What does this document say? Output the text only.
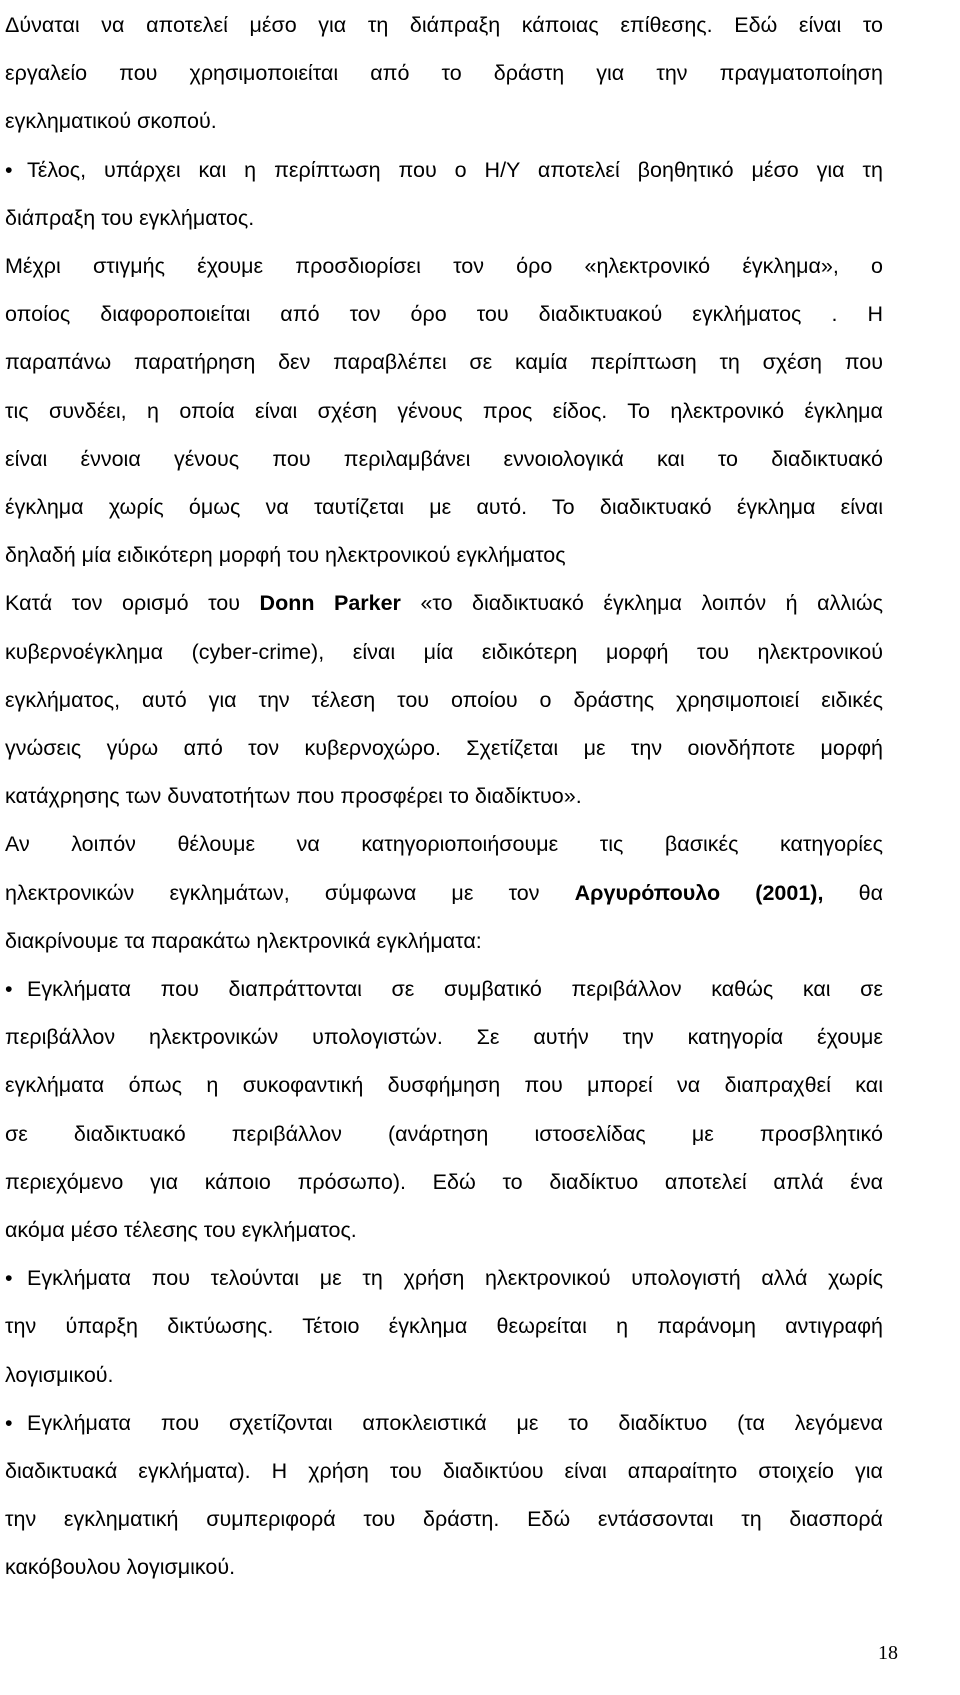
Δύναται να αποτελεί μέσο για τη διάπραξη κάποιας επίθεσης. Εδώ είναι το
εργαλείο που χρησιμοποιείται από το δράστη για την πραγματοποίηση
εγκληματικού σκοπού.
• Τέλος, υπάρχει και η περίπτωση που ο Η/Υ αποτελεί βοηθητικό μέσο για τη
διάπραξη του εγκλήματος.
Μέχρι στιγμής έχουμε προσδιορίσει τον όρο «ηλεκτρονικό έγκλημα», ο
οποίος διαφοροποιείται από τον όρο του διαδικτυακού εγκλήματος . Η
παραπάνω παρατήρηση δεν παραβλέπει σε καμία περίπτωση τη σχέση που
τις συνδέει, η οποία είναι σχέση γένους προς είδος. Το ηλεκτρονικό έγκλημα
είναι έννοια γένους που περιλαμβάνει εννοιολογικά και το διαδικτυακό
έγκλημα χωρίς όμως να ταυτίζεται με αυτό. Το διαδικτυακό έγκλημα είναι
δηλαδή μία ειδικότερη μορφή του ηλεκτρονικού εγκλήματος
Κατά τον ορισμό του Donn Parker «το διαδικτυακό έγκλημα λοιπόν ή αλλιώς
κυβερνοέγκλημα (cyber-crime), είναι μία ειδικότερη μορφή του ηλεκτρονικού
εγκλήματος, αυτό για την τέλεση του οποίου ο δράστης χρησιμοποιεί ειδικές
γνώσεις γύρω από τον κυβερνοχώρο. Σχετίζεται με την οιονδήποτε μορφή
κατάχρησης των δυνατοτήτων που προσφέρει το διαδίκτυο».
Αν λοιπόν θέλουμε να κατηγοριοποιήσουμε τις βασικές κατηγορίες
ηλεκτρονικών εγκλημάτων, σύμφωνα με τον Αργυρόπουλο (2001), θα
διακρίνουμε τα παρακάτω ηλεκτρονικά εγκλήματα:
• Εγκλήματα που διαπράττονται σε συμβατικό περιβάλλον καθώς και σε
περιβάλλον ηλεκτρονικών υπολογιστών. Σε αυτήν την κατηγορία έχουμε
εγκλήματα όπως η συκοφαντική δυσφήμηση που μπορεί να διαπραχθεί και
σε διαδικτυακό περιβάλλον (ανάρτηση ιστοσελίδας με προσβλητικό
περιεχόμενο για κάποιο πρόσωπο). Εδώ το διαδίκτυο αποτελεί απλά ένα
ακόμα μέσο τέλεσης του εγκλήματος.
• Εγκλήματα που τελούνται με τη χρήση ηλεκτρονικού υπολογιστή αλλά χωρίς
την ύπαρξη δικτύωσης. Τέτοιο έγκλημα θεωρείται η παράνομη αντιγραφή
λογισμικού.
• Εγκλήματα που σχετίζονται αποκλειστικά με το διαδίκτυο (τα λεγόμενα
διαδικτυακά εγκλήματα). Η χρήση του διαδικτύου είναι απαραίτητο στοιχείο για
την εγκληματική συμπεριφορά του δράστη. Εδώ εντάσσονται τη διασπορά
κακόβουλου λογισμικού.
18
